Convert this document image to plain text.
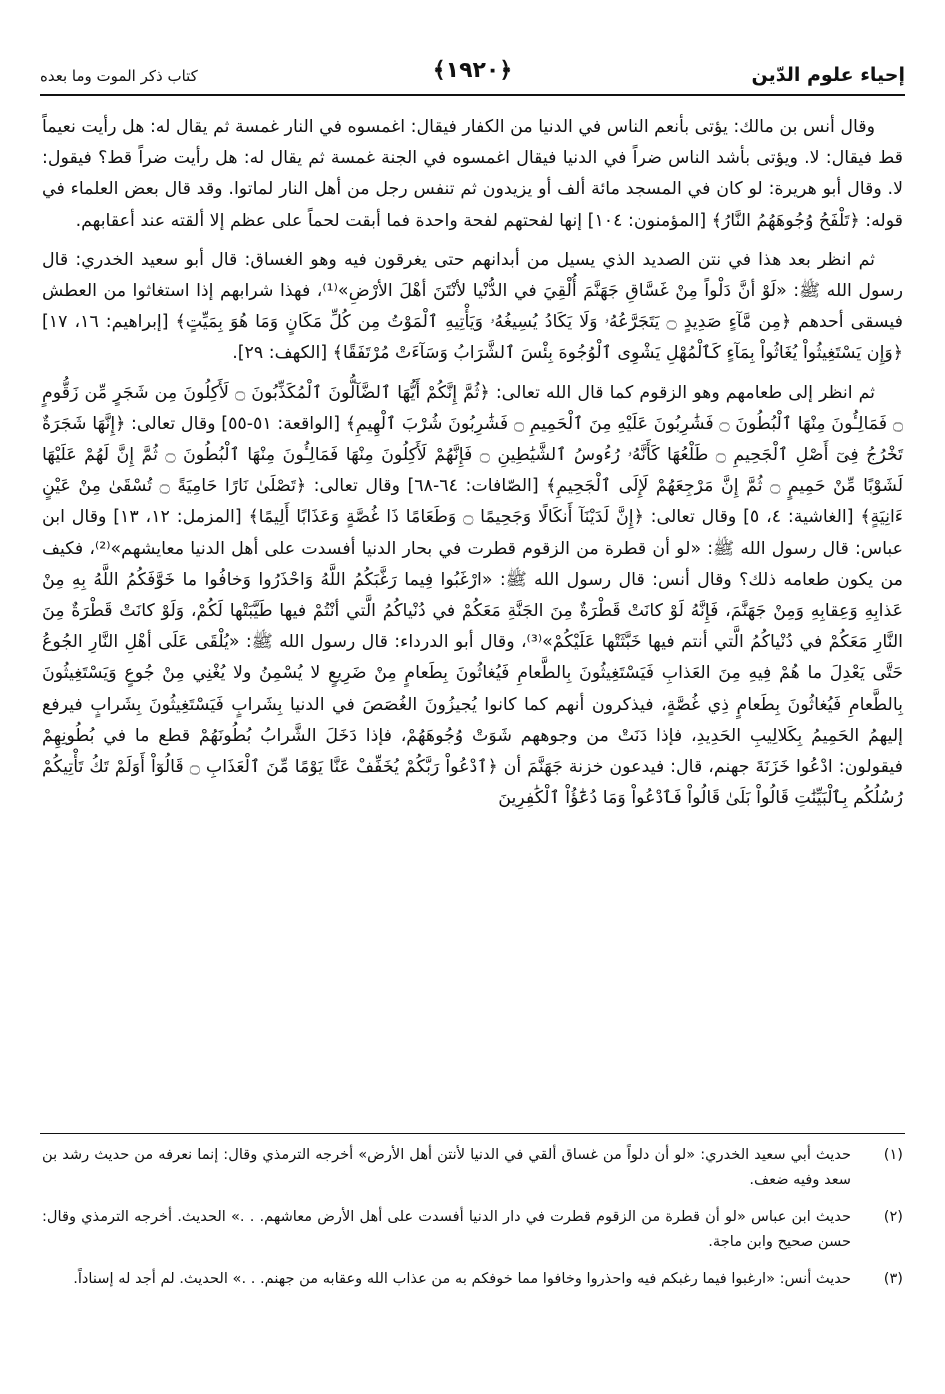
إحياء علوم الدّين
﴿١٩٢٠﴾
كتاب ذكر الموت وما بعده

وقال أنس بن مالك: يؤتى بأنعم الناس في الدنيا من الكفار فيقال: اغمسوه في النار غمسة ثم يقال له: هل رأيت نعيماً قط فيقال: لا. ويؤتى بأشد الناس ضراً في الدنيا فيقال اغمسوه في الجنة غمسة ثم يقال له: هل رأيت ضراً قط؟ فيقول: لا. وقال أبو هريرة: لو كان في المسجد مائة ألف أو يزيدون ثم تنفس رجل من أهل النار لماتوا. وقد قال بعض العلماء في قوله: ﴿تَلْفَحُ وُجُوهَهُمُ النَّارُ﴾ [المؤمنون: ١٠٤] إنها لفحتهم لفحة واحدة فما أبقت لحماً على عظم إلا ألقته عند أعقابهم.

ثم انظر بعد هذا في نتن الصديد الذي يسيل من أبدانهم حتى يغرقون فيه وهو الغساق: قال أبو سعيد الخدري: قال رسول الله ﷺ: «لَوْ أنَّ دَلْواً مِنْ غَسَّاقِ جَهَنَّمَ أُلْقِيَ في الدُّنْيا لأنْتَنَ أهْلَ الأرْضِ»⁽¹⁾، فهذا شرابهم إذا استغاثوا من العطش فيسقى أحدهم ﴿مِن مَّآءٍ صَدِيدٍ ۝ يَتَجَرَّعُهُۥ وَلَا يَكَادُ يُسِيغُهُۥ وَيَأْتِيهِ ٱلْمَوْتُ مِن كُلِّ مَكَانٍ وَمَا هُوَ بِمَيِّتٍ﴾ [إبراهيم: ١٦، ١٧] ﴿وَإِن يَسْتَغِيثُواْ يُغَاثُواْ بِمَآءٍ كَٱلْمُهْلِ يَشْوِى ٱلْوُجُوهَ بِئْسَ ٱلشَّرَابُ وَسَآءَتْ مُرْتَفَقًا﴾ [الكهف: ٢٩].

ثم انظر إلى طعامهم وهو الزقوم كما قال الله تعالى: ﴿ثُمَّ إِنَّكُمْ أَيُّهَا ٱلضَّآلُّونَ ٱلْمُكَذِّبُونَ ۝ لَأَكِلُونَ مِن شَجَرٍ مِّن زَقُّومٍ ۝ فَمَالِـُٔونَ مِنْهَا ٱلْبُطُونَ ۝ فَشَٰرِبُونَ عَلَيْهِ مِنَ ٱلْحَمِيمِ ۝ فَشَٰرِبُونَ شُرْبَ ٱلْهِيمِ﴾ [الواقعة: ٥١-٥٥] وقال تعالى: ﴿إِنَّهَا شَجَرَةٌ تَخْرُجُ فِىٓ أَصْلِ ٱلْجَحِيمِ ۝ طَلْعُهَا كَأَنَّهُۥ رُءُوسُ ٱلشَّيَٰطِينِ ۝ فَإِنَّهُمْ لَأَكِلُونَ مِنْهَا فَمَالِـُٔونَ مِنْهَا ٱلْبُطُونَ ۝ ثُمَّ إِنَّ لَهُمْ عَلَيْهَا لَشَوْبًا مِّنْ حَمِيمٍ ۝ ثُمَّ إِنَّ مَرْجِعَهُمْ لَإِلَى ٱلْجَحِيمِ﴾ [الصّافات: ٦٤-٦٨] وقال تعالى: ﴿تَصْلَىٰ نَارًا حَامِيَةً ۝ تُسْقَىٰ مِنْ عَيْنٍ ءَانِيَةٍ﴾ [الغاشية: ٤، ٥] وقال تعالى: ﴿إِنَّ لَدَيْنَآ أَنكَالًا وَجَحِيمًا ۝ وَطَعَامًا ذَا غُصَّةٍ وَعَذَابًا أَلِيمًا﴾ [المزمل: ١٢، ١٣] وقال ابن عباس: قال رسول الله ﷺ: «لو أن قطرة من الزقوم قطرت في بحار الدنيا أفسدت على أهل الدنيا معايشهم»⁽²⁾، فكيف من يكون طعامه ذلك؟ وقال أنس: قال رسول الله ﷺ: «ارْغَبُوا فِيما رَغَّبَكُمُ اللَّهُ وَاحْذَرُوا وَخافُوا ما خَوَّفَكُمُ اللَّهُ بِهِ مِنْ عَذابِهِ وَعِقابِهِ وَمِنْ جَهَنَّمَ، فَإِنَّهُ لَوْ كانَتْ قَطْرَةٌ مِنَ الجَنَّةِ مَعَكُمْ في دُنْياكُمُ الَّتي أنْتُمْ فيها طَيَّبَتْها لَكُمْ، وَلَوْ كانَتْ قَطْرَةٌ مِنَ النَّارِ مَعَكُمْ في دُنْياكُمُ الَّتي أنتم فيها خَبَّثَتْها عَلَيْكُمْ»⁽³⁾، وقال أبو الدرداء: قال رسول الله ﷺ: «يُلْقَى عَلَى أهْلِ النَّارِ الجُوعُ حَتَّى يَعْدِلَ ما هُمْ فِيهِ مِنَ العَذابِ فَيَسْتَغِيثُونَ بِالطَّعامِ فَيُغاثُونَ بِطَعامٍ مِنْ ضَرِيعٍ لا يُسْمِنُ ولا يُغْنِي مِنْ جُوعٍ وَيَسْتَغِيثُونَ بِالطَّعامِ فَيُغاثُونَ بِطَعامٍ ذِي غُصَّةٍ، فيذكرون أنهم كما كانوا يُجيزُونَ الغُصَصَ في الدنيا بِشَرابٍ فَيَسْتَغِيثُونَ بِشَرابٍ فيرفع إليهمُ الحَمِيمُ بِكَلالِيبِ الحَدِيدِ، فإذا دَنَتْ من وجوههم شَوَتْ وُجُوهَهُمْ، فإذا دَخَلَ الشَّرابُ بُطُونَهُمْ قطع ما في بُطُونِهِمْ فيقولون: ادْعُوا خَزَنَةَ جهنم، قال: فيدعون خزنة جَهَنَّمَ أن ﴿ٱدْعُواْ رَبَّكُمْ يُخَفِّفْ عَنَّا يَوْمًا مِّنَ ٱلْعَذَابِ ۝ قَالُوٓاْ أَوَلَمْ تَكُ تَأْتِيكُمْ رُسُلُكُم بِٱلْبَيِّنَٰتِ قَالُواْ بَلَىٰ قَالُواْ فَٱدْعُواْ وَمَا دُعَٰٓؤُاْ ٱلْكَٰفِرِينَ

(١)
حديث أبي سعيد الخدري: «لو أن دلواً من غساق ألقي في الدنيا لأنتن أهل الأرض» أخرجه الترمذي وقال: إنما نعرفه من حديث رشد بن سعد وفيه ضعف.
(٢)
حديث ابن عباس «لو أن قطرة من الزقوم قطرت في دار الدنيا أفسدت على أهل الأرض معاشهم. . .» الحديث. أخرجه الترمذي وقال: حسن صحيح وابن ماجة.
(٣)
حديث أنس: «ارغبوا فيما رغبكم فيه واحذروا وخافوا مما خوفكم به من عذاب الله وعقابه من جهنم. . .» الحديث. لم أجد له إسناداً.
